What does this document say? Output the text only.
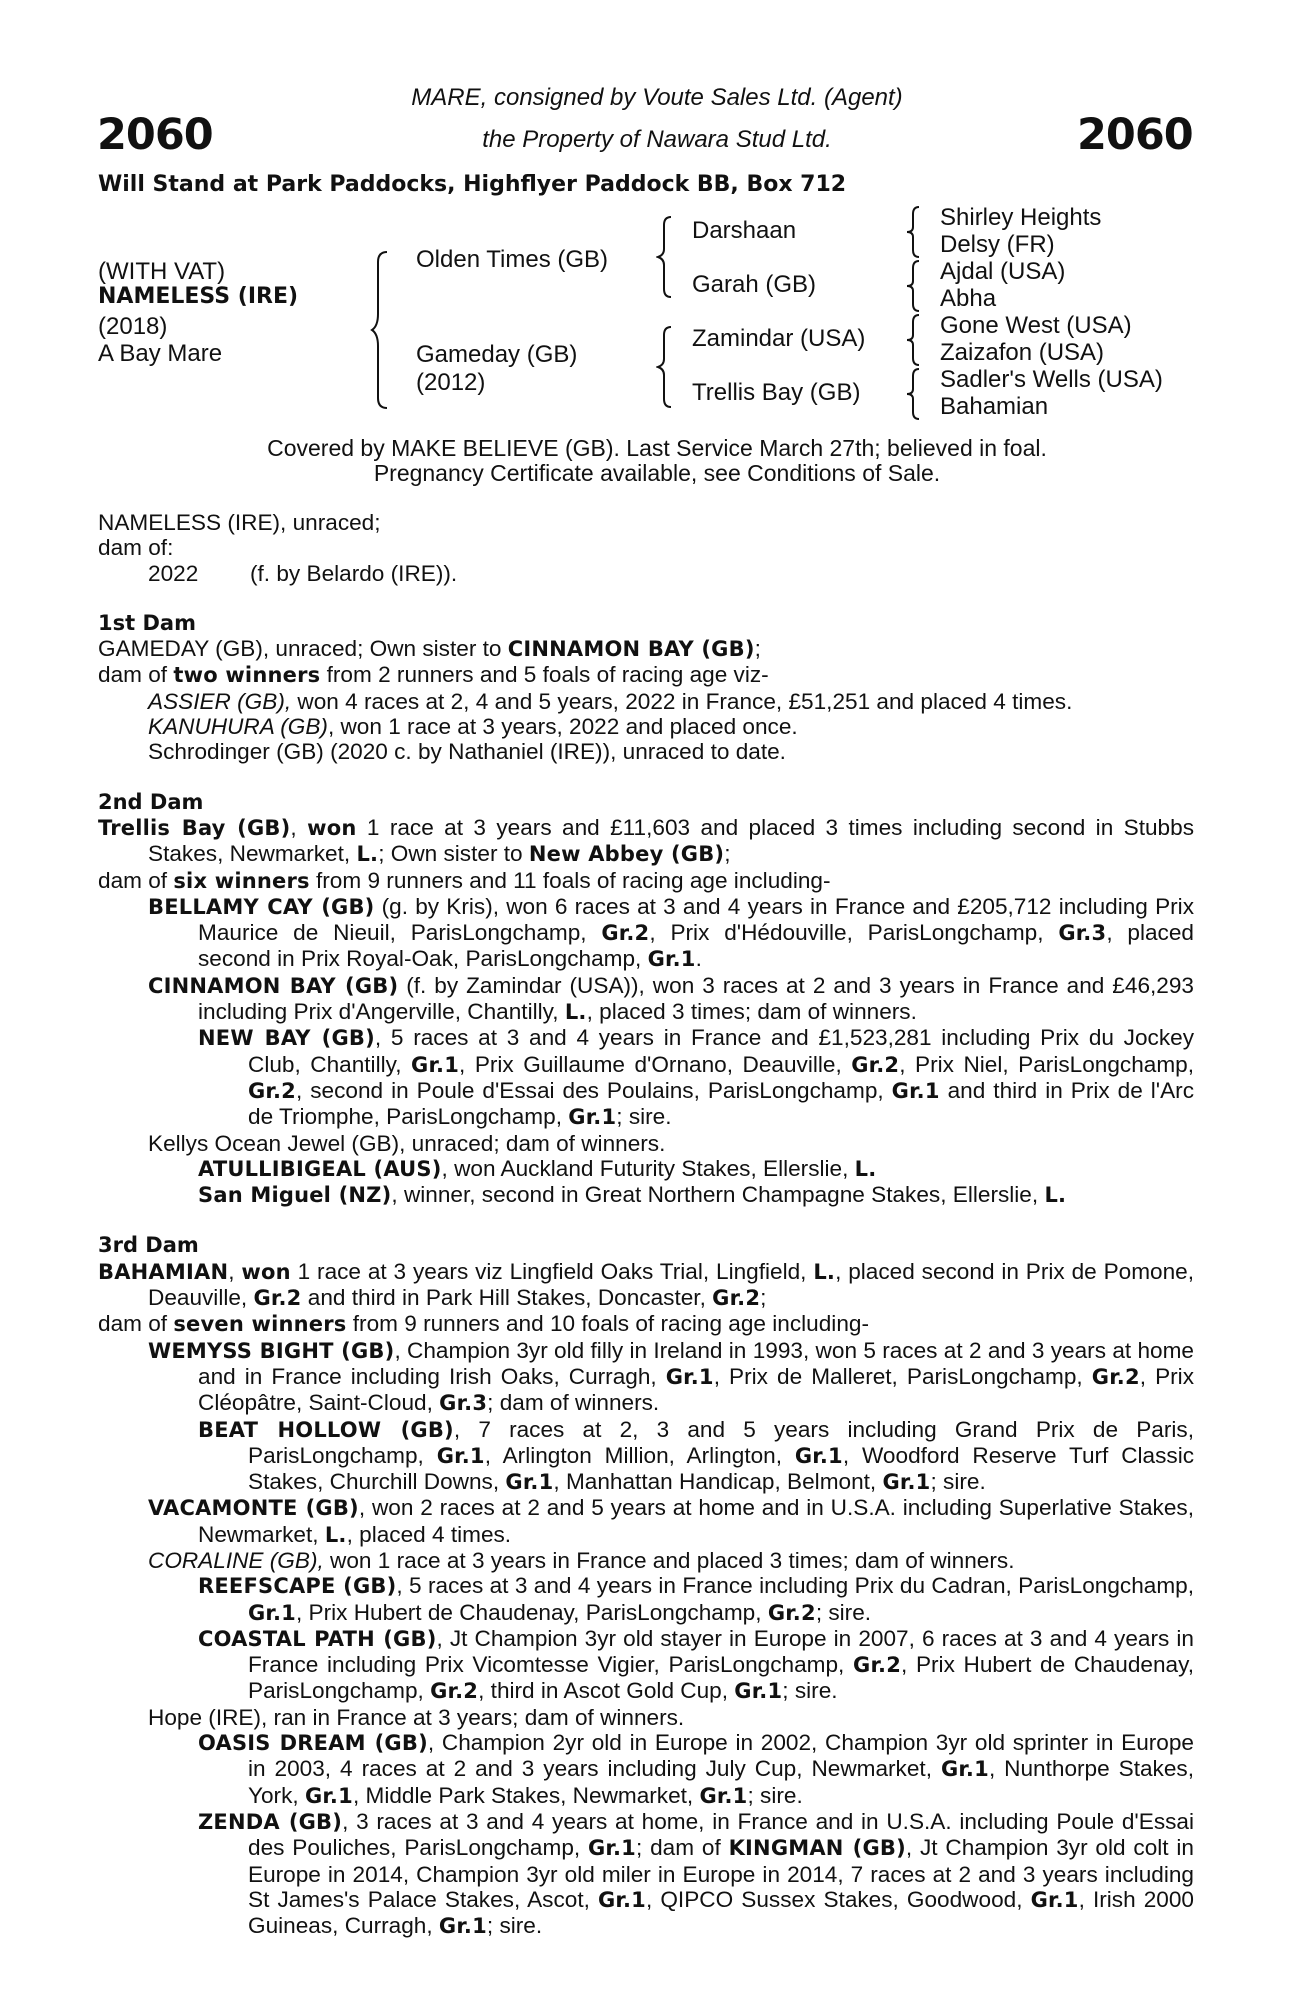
2060	2060
MARE, consigned by Voute Sales Ltd. (Agent)
the Property of Nawara Stud Ltd.
Will Stand at Park Paddocks, Highflyer Paddock BB, Box 712
(WITH VAT)
NAMELESS (IRE)
(2018)
A Bay Mare
Olden Times (GB)
Gameday (GB)
(2012)
Darshaan
Garah (GB)
Zamindar (USA)
Trellis Bay (GB)
Shirley Heights
Delsy (FR)
Ajdal (USA)
Abha
Gone West (USA)
Zaizafon (USA)
Sadler's Wells (USA)
Bahamian
Covered by MAKE BELIEVE (GB). Last Service March 27th; believed in foal.
Pregnancy Certificate available, see Conditions of Sale.

NAMELESS (IRE), unraced;

dam of:

2022 (f. by Belardo (IRE)).

1st Dam

GAMEDAY (GB), unraced; Own sister to CINNAMON BAY (GB);

dam of two winners from 2 runners and 5 foals of racing age viz-

ASSIER (GB), won 4 races at 2, 4 and 5 years, 2022 in France, £51,251 and placed 4 times.

KANUHURA (GB), won 1 race at 3 years, 2022 and placed once.

Schrodinger (GB) (2020 c. by Nathaniel (IRE)), unraced to date.

2nd Dam

Trellis Bay (GB), won 1 race at 3 years and £11,603 and placed 3 times including second in Stubbs Stakes, Newmarket, L.; Own sister to New Abbey (GB);

dam of six winners from 9 runners and 11 foals of racing age including-

BELLAMY CAY (GB) (g. by Kris), won 6 races at 3 and 4 years in France and £205,712 including Prix Maurice de Nieuil, ParisLongchamp, Gr.2, Prix d'Hédouville, ParisLongchamp, Gr.3, placed second in Prix Royal-Oak, ParisLongchamp, Gr.1.

CINNAMON BAY (GB) (f. by Zamindar (USA)), won 3 races at 2 and 3 years in France and £46,293 including Prix d'Angerville, Chantilly, L., placed 3 times; dam of winners.

NEW BAY (GB), 5 races at 3 and 4 years in France and £1,523,281 including Prix du Jockey Club, Chantilly, Gr.1, Prix Guillaume d'Ornano, Deauville, Gr.2, Prix Niel, ParisLongchamp, Gr.2, second in Poule d'Essai des Poulains, ParisLongchamp, Gr.1 and third in Prix de l'Arc de Triomphe, ParisLongchamp, Gr.1; sire.

Kellys Ocean Jewel (GB), unraced; dam of winners.

ATULLIBIGEAL (AUS), won Auckland Futurity Stakes, Ellerslie, L.

San Miguel (NZ), winner, second in Great Northern Champagne Stakes, Ellerslie, L.

3rd Dam

BAHAMIAN, won 1 race at 3 years viz Lingfield Oaks Trial, Lingfield, L., placed second in Prix de Pomone, Deauville, Gr.2 and third in Park Hill Stakes, Doncaster, Gr.2;

dam of seven winners from 9 runners and 10 foals of racing age including-

WEMYSS BIGHT (GB), Champion 3yr old filly in Ireland in 1993, won 5 races at 2 and 3 years at home and in France including Irish Oaks, Curragh, Gr.1, Prix de Malleret, ParisLongchamp, Gr.2, Prix Cléopâtre, Saint-Cloud, Gr.3; dam of winners.

BEAT HOLLOW (GB), 7 races at 2, 3 and 5 years including Grand Prix de Paris, ParisLongchamp, Gr.1, Arlington Million, Arlington, Gr.1, Woodford Reserve Turf Classic Stakes, Churchill Downs, Gr.1, Manhattan Handicap, Belmont, Gr.1; sire.

VACAMONTE (GB), won 2 races at 2 and 5 years at home and in U.S.A. including Superlative Stakes, Newmarket, L., placed 4 times.

CORALINE (GB), won 1 race at 3 years in France and placed 3 times; dam of winners.

REEFSCAPE (GB), 5 races at 3 and 4 years in France including Prix du Cadran, ParisLongchamp, Gr.1, Prix Hubert de Chaudenay, ParisLongchamp, Gr.2; sire.

COASTAL PATH (GB), Jt Champion 3yr old stayer in Europe in 2007, 6 races at 3 and 4 years in France including Prix Vicomtesse Vigier, ParisLongchamp, Gr.2, Prix Hubert de Chaudenay, ParisLongchamp, Gr.2, third in Ascot Gold Cup, Gr.1; sire.

Hope (IRE), ran in France at 3 years; dam of winners.

OASIS DREAM (GB), Champion 2yr old in Europe in 2002, Champion 3yr old sprinter in Europe in 2003, 4 races at 2 and 3 years including July Cup, Newmarket, Gr.1, Nunthorpe Stakes, York, Gr.1, Middle Park Stakes, Newmarket, Gr.1; sire.

ZENDA (GB), 3 races at 3 and 4 years at home, in France and in U.S.A. including Poule d'Essai des Pouliches, ParisLongchamp, Gr.1; dam of KINGMAN (GB), Jt Champion 3yr old colt in Europe in 2014, Champion 3yr old miler in Europe in 2014, 7 races at 2 and 3 years including St James's Palace Stakes, Ascot, Gr.1, QIPCO Sussex Stakes, Goodwood, Gr.1, Irish 2000 Guineas, Curragh, Gr.1; sire.
